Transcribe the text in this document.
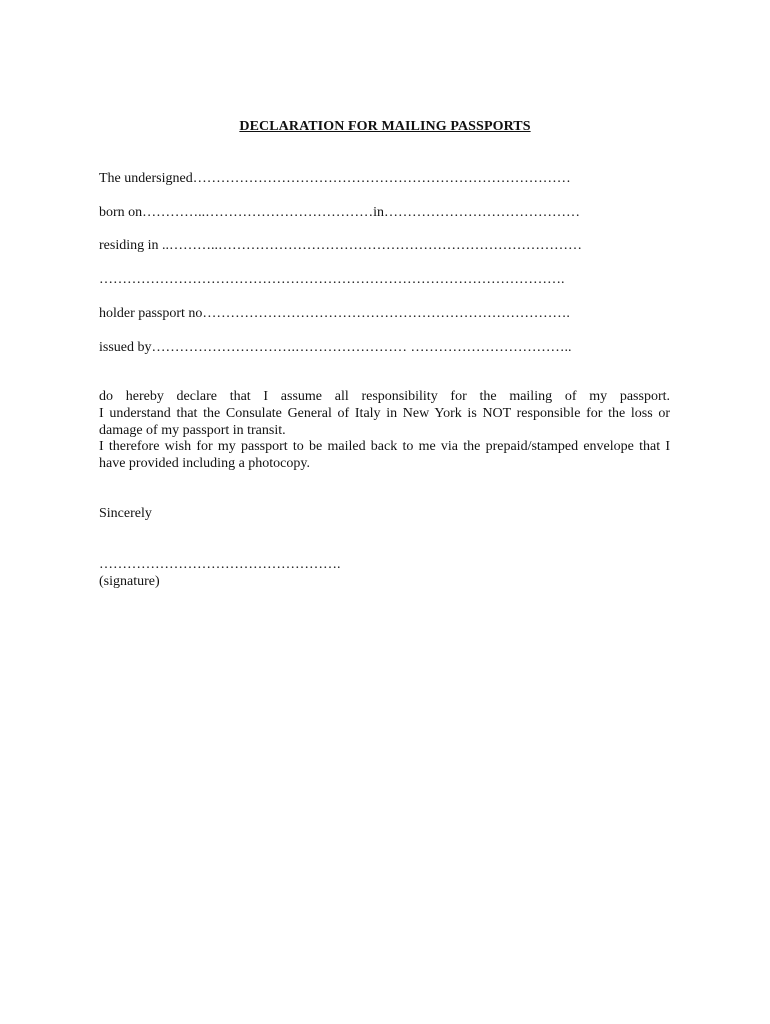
DECLARATION FOR MAILING PASSPORTS
The undersigned………………………………………………………………………
born on…………..………………………………in……………………………………
residing in ..………..……………………………………………………………………
……………………………………………………………………………………….
holder passport no…………………………………………………………………….
issued by………………………….…………………… ……………………………..

do hereby declare that I assume all responsibility for the mailing of my passport.

I understand that the Consulate General of Italy in New York is NOT responsible for the loss or damage of my passport in transit.

I therefore wish for my passport to be mailed back to me via the prepaid/stamped envelope that I have provided including a photocopy.

Sincerely
…………………………………………….
(signature)
